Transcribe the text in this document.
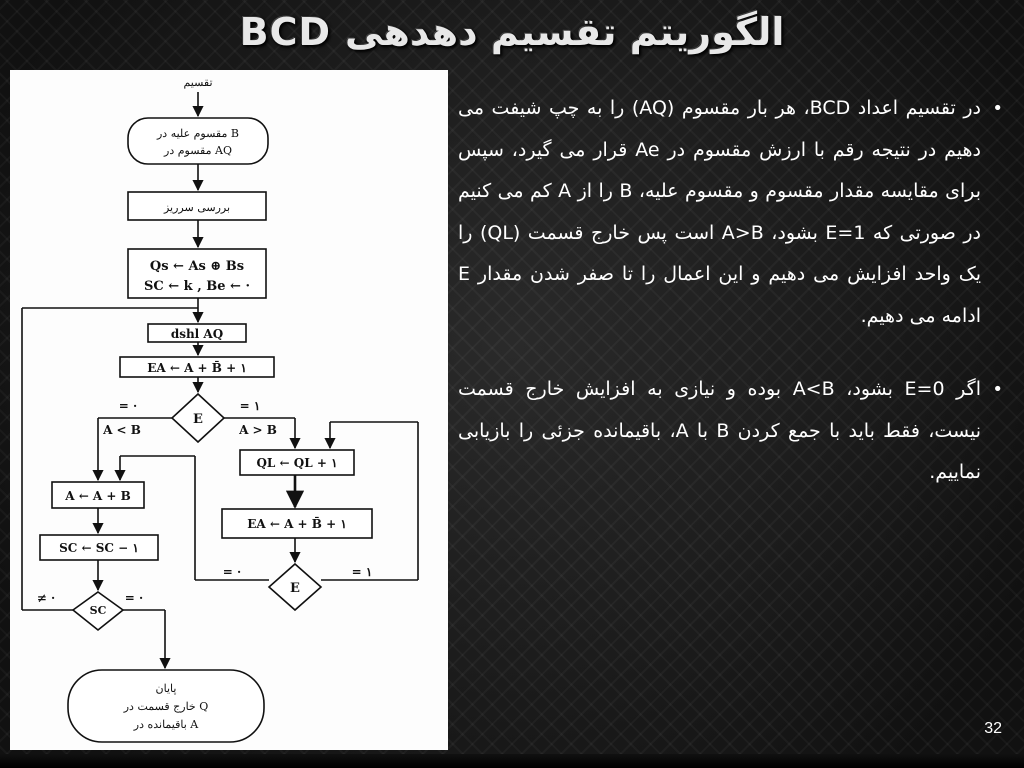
الگوریتم تقسیم دهدهی
BCD
تقسیم
مقسوم علیه در B
مقسوم در AQ
بررسی سرریز
Qs ← As ⊕ Bs
SC ← k , Be ← ·
dshl AQ
EA ← A + B̄ + ۱
E
= ·	= ۱
A < B	A > B
A ← A + B
SC ← SC − ۱
QL ← QL + ۱
EA ← A + B̄ + ۱
E
= ·	= ۱
SC
≠ ·	= ·
پایان
خارج قسمت در Q
باقیمانده در A
•
در تقسیم اعداد BCD، هر بار مقسوم (AQ) را به چپ شیفت می دهیم در نتیجه رقم با ارزش مقسوم در Ae قرار می گیرد، سپس برای مقایسه مقدار مقسوم و مقسوم علیه، B را از A کم می کنیم در صورتی که E=1 بشود، A>B است پس خارج قسمت (QL) را یک واحد افزایش می دهیم و این اعمال را تا صفر شدن مقدار E ادامه می دهیم.
•
اگر E=0 بشود، A<B بوده و نیازی به افزایش خارج قسمت نیست، فقط باید با جمع کردن B با A، باقیمانده جزئی را بازیابی نماییم.
32
